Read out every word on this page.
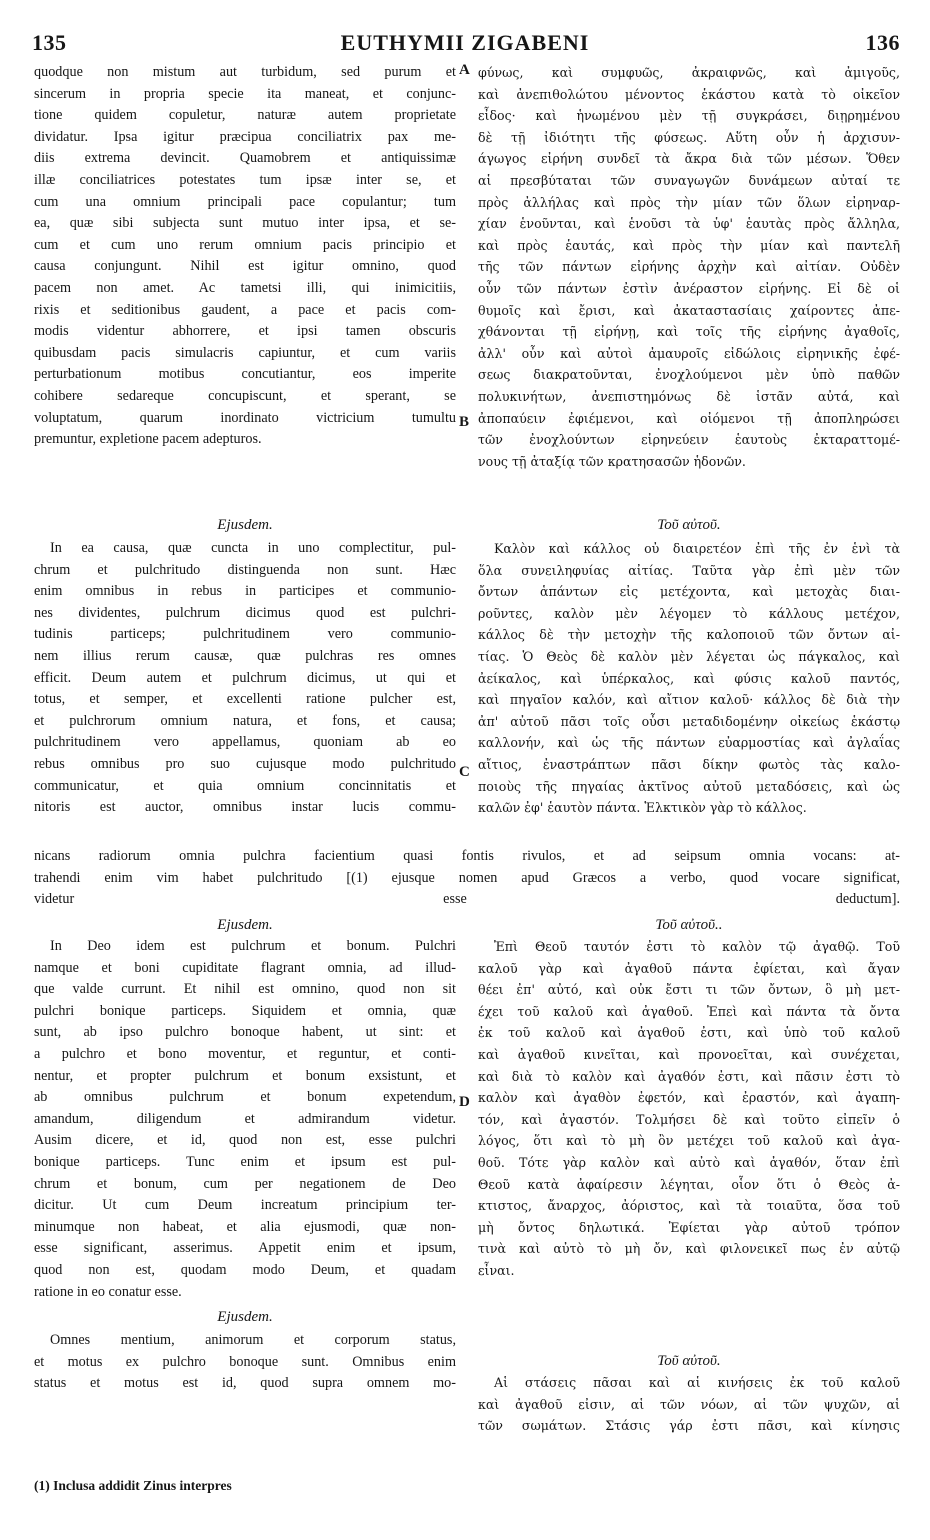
135	EUTHYMII ZIGABENI	136
A
B
C
D
quodque non mistum aut turbidum, sed purum et
sincerum in propria specie ita maneat, et conjunc-
tione quidem copuletur, naturæ autem proprietate
dividatur. Ipsa igitur præcipua conciliatrix pax me-
diis extrema devincit. Quamobrem et antiquissimæ
illæ conciliatrices potestates tum ipsæ inter se, et
cum una omnium principali pace copulantur; tum
ea, quæ sibi subjecta sunt mutuo inter ipsa, et se-
cum et cum uno rerum omnium pacis principio et
causa conjungunt. Nihil est igitur omnino, quod
pacem non amet. Ac tametsi illi, qui inimicitiis,
rixis et seditionibus gaudent, a pace et pacis com-
modis videntur abhorrere, et ipsi tamen obscuris
quibusdam pacis simulacris capiuntur, et cum variis
perturbationum motibus concutiantur, eos imperite
cohibere sedareque concupiscunt, et sperant, se
voluptatum, quarum inordinato victricium tumultu
premuntur, expletione pacem adepturos.
Ejusdem.
In ea causa, quæ cuncta in uno complectitur, pul-
chrum et pulchritudo distinguenda non sunt. Hæc
enim omnibus in rebus in participes et communio-
nes dividentes, pulchrum dicimus quod est pulchri-
tudinis particeps; pulchritudinem vero communio-
nem illius rerum causæ, quæ pulchras res omnes
efficit. Deum autem et pulchrum dicimus, ut qui et
totus, et semper, et excellenti ratione pulcher est,
et pulchrorum omnium natura, et fons, et causa;
pulchritudinem vero appellamus, quoniam ab eo
rebus omnibus pro suo cujusque modo pulchritudo
communicatur, et quia omnium concinnitatis et
nitoris est auctor, omnibus instar lucis commu-
nicans radiorum omnia pulchra facientium quasi fontis rivulos, et ad seipsum omnia vocans: at-
trahendi enim vim habet pulchritudo [(1) ejusque nomen apud Græcos a verbo, quod vocare significat,
videtur esse deductum].
Ejusdem.
In Deo idem est pulchrum et bonum. Pulchri
namque et boni cupiditate flagrant omnia, ad illud-
que valde currunt. Et nihil est omnino, quod non sit
pulchri bonique particeps. Siquidem et omnia, quæ
sunt, ab ipso pulchro bonoque habent, ut sint: et
a pulchro et bono moventur, et reguntur, et conti-
nentur, et propter pulchrum et bonum exsistunt, et
ab omnibus pulchrum et bonum expetendum,
amandum, diligendum et admirandum videtur.
Ausim dicere, et id, quod non est, esse pulchri
bonique particeps. Tunc enim et ipsum est pul-
chrum et bonum, cum per negationem de Deo
dicitur. Ut cum Deum increatum principium ter-
minumque non habeat, et alia ejusmodi, quæ non-
esse significant, asserimus. Appetit enim et ipsum,
quod non est, quodam modo Deum, et quadam
ratione in eo conatur esse.
Ejusdem.
Omnes mentium, animorum et corporum status,
et motus ex pulchro bonoque sunt. Omnibus enim
status et motus est id, quod supra omnem mo-
(1) Inclusa addidit Zinus interpres
φύνως, καὶ συμφυῶς, ἀκραιφνῶς, καὶ ἀμιγοῦς,
καὶ ἀνεπιθολώτου μένοντος ἑκάστου κατὰ τὸ οἰκεῖον
εἶδος· καὶ ἡνωμένου μὲν τῇ συγκράσει, διῃρημένου
δὲ τῇ ἰδιότητι τῆς φύσεως. Αὕτη οὖν ἡ ἀρχισυν-
άγωγος εἰρήνη συνδεῖ τὰ ἄκρα διὰ τῶν μέσων. Ὅθεν
αἱ πρεσβύταται τῶν συναγωγῶν δυνάμεων αὐταί τε
πρὸς ἀλλήλας καὶ πρὸς τὴν μίαν τῶν ὅλων εἰρηναρ-
χίαν ἑνοῦνται, καὶ ἑνοῦσι τὰ ὑφ' ἑαυτὰς πρὸς ἄλληλα,
καὶ πρὸς ἑαυτάς, καὶ πρὸς τὴν μίαν καὶ παντελῆ
τῆς τῶν πάντων εἰρήνης ἀρχὴν καὶ αἰτίαν. Οὐδὲν
οὖν τῶν πάντων ἐστὶν ἀνέραστον εἰρήνης. Εἰ δὲ οἱ
θυμοῖς καὶ ἔρισι, καὶ ἀκαταστασίαις χαίροντες ἀπε-
χθάνονται τῇ εἰρήνῃ, καὶ τοῖς τῆς εἰρήνης ἀγαθοῖς,
ἀλλ' οὖν καὶ αὐτοὶ ἀμαυροῖς εἰδώλοις εἰρηνικῆς ἐφέ-
σεως διακρατοῦνται, ἐνοχλούμενοι μὲν ὑπὸ παθῶν
πολυκινήτων, ἀνεπιστημόνως δὲ ἱστᾶν αὐτά, καὶ
ἀποπαύειν ἐφιέμενοι, καὶ οἰόμενοι τῇ ἀποπληρώσει
τῶν ἐνοχλούντων εἰρηνεύειν ἑαυτοὺς ἐκταραττομέ-
νους τῇ ἀταξίᾳ τῶν κρατησασῶν ἡδονῶν.
Τοῦ αὐτοῦ.
Καλὸν καὶ κάλλος οὐ διαιρετέον ἐπὶ τῆς ἐν ἑνὶ τὰ
ὅλα συνειληφυίας αἰτίας. Ταῦτα γὰρ ἐπὶ μὲν τῶν
ὄντων ἁπάντων εἰς μετέχοντα, καὶ μετοχὰς διαι-
ροῦντες, καλὸν μὲν λέγομεν τὸ κάλλους μετέχον,
κάλλος δὲ τὴν μετοχὴν τῆς καλοποιοῦ τῶν ὄντων αἰ-
τίας. Ὁ Θεὸς δὲ καλὸν μὲν λέγεται ὡς πάγκαλος, καὶ
ἀείκαλος, καὶ ὑπέρκαλος, καὶ φύσις καλοῦ παντός,
καὶ πηγαῖον καλόν, καὶ αἴτιον καλοῦ· κάλλος δὲ διὰ τὴν
ἀπ' αὐτοῦ πᾶσι τοῖς οὖσι μεταδιδομένην οἰκείως ἑκάστῳ
καλλονήν, καὶ ὡς τῆς πάντων εὐαρμοστίας καὶ ἀγλαΐας
αἴτιος, ἐναστράπτων πᾶσι δίκην φωτὸς τὰς καλο-
ποιοὺς τῆς πηγαίας ἀκτῖνος αὐτοῦ μεταδόσεις, καὶ ὡς
καλῶν ἐφ' ἑαυτὸν πάντα. Ἑλκτικὸν γὰρ τὸ κάλλος.
Τοῦ αὐτοῦ..
Ἐπὶ Θεοῦ ταυτόν ἐστι τὸ καλὸν τῷ ἀγαθῷ. Τοῦ
καλοῦ γὰρ καὶ ἀγαθοῦ πάντα ἐφίεται, καὶ ἄγαν
θέει ἐπ' αὐτό, καὶ οὐκ ἔστι τι τῶν ὄντων, ὃ μὴ μετ-
έχει τοῦ καλοῦ καὶ ἀγαθοῦ. Ἐπεὶ καὶ πάντα τὰ ὄντα
ἐκ τοῦ καλοῦ καὶ ἀγαθοῦ ἐστι, καὶ ὑπὸ τοῦ καλοῦ
καὶ ἀγαθοῦ κινεῖται, καὶ προνοεῖται, καὶ συνέχεται,
καὶ διὰ τὸ καλὸν καὶ ἀγαθόν ἐστι, καὶ πᾶσιν ἐστι τὸ
καλὸν καὶ ἀγαθὸν ἐφετόν, καὶ ἐραστόν, καὶ ἀγαπη-
τόν, καὶ ἀγαστόν. Τολμήσει δὲ καὶ τοῦτο εἰπεῖν ὁ
λόγος, ὅτι καὶ τὸ μὴ ὂν μετέχει τοῦ καλοῦ καὶ ἀγα-
θοῦ. Τότε γὰρ καλὸν καὶ αὐτὸ καὶ ἀγαθόν, ὅταν ἐπὶ
Θεοῦ κατὰ ἀφαίρεσιν λέγηται, οἷον ὅτι ὁ Θεὸς ἀ-
κτιστος, ἄναρχος, ἀόριστος, καὶ τὰ τοιαῦτα, ὅσα τοῦ
μὴ ὄντος δηλωτικά. Ἐφίεται γὰρ αὐτοῦ τρόπον
τινὰ καὶ αὐτὸ τὸ μὴ ὄν, καὶ φιλονεικεῖ πως ἐν αὐτῷ
εἶναι.
Τοῦ αὐτοῦ.
Αἱ στάσεις πᾶσαι καὶ αἱ κινήσεις ἐκ τοῦ καλοῦ
καὶ ἀγαθοῦ εἰσιν, αἱ τῶν νόων, αἱ τῶν ψυχῶν, αἱ
τῶν σωμάτων. Στάσις γάρ ἐστι πᾶσι, καὶ κίνησις
